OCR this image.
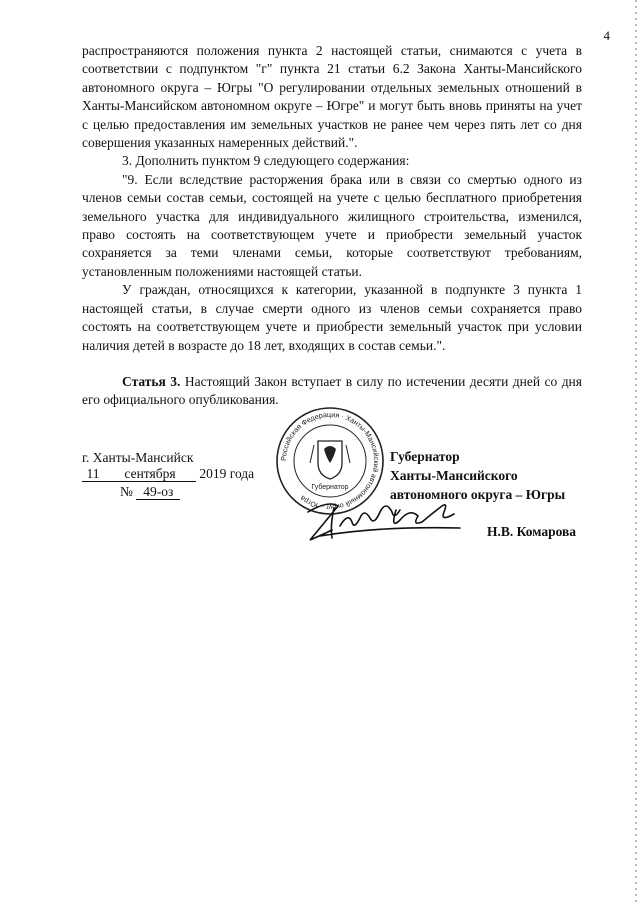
4

распространяются положения пункта 2 настоящей статьи, снимаются с учета в соответствии с подпунктом "г" пункта 21 статьи 6.2 Закона Ханты-Мансийского автономного округа – Югры "О регулировании отдельных земельных отношений в Ханты-Мансийском автономном округе – Югре" и могут быть вновь приняты на учет с целью предоставления им земельных участков не ранее чем через пять лет со дня совершения указанных намеренных действий.".

3. Дополнить пунктом 9 следующего содержания:

"9. Если вследствие расторжения брака или в связи со смертью одного из членов семьи состав семьи, состоящей на учете с целью бесплатного приобретения земельного участка для индивидуального жилищного строительства, изменился, право состоять на соответствующем учете и приобрести земельный участок сохраняется за теми членами семьи, которые соответствуют требованиям, установленным положениями настоящей статьи.

У граждан, относящихся к категории, указанной в подпункте 3 пункта 1 настоящей статьи, в случае смерти одного из членов семьи сохраняется право состоять на соответствующем учете и приобрести земельный участок при условии наличия детей в возрасте до 18 лет, входящих в состав семьи.".

Статья 3. Настоящий Закон вступает в силу по истечении десяти дней со дня его официального опубликования.

г. Ханты-Мансийск
11 сентября 2019 года
№ 49-оз
Российская Федерация · Ханты-Мансийский автономный округ – Югра
Губернатор
Губернатор
Ханты-Мансийского
автономного округа – Югры
Н.В. Комарова
